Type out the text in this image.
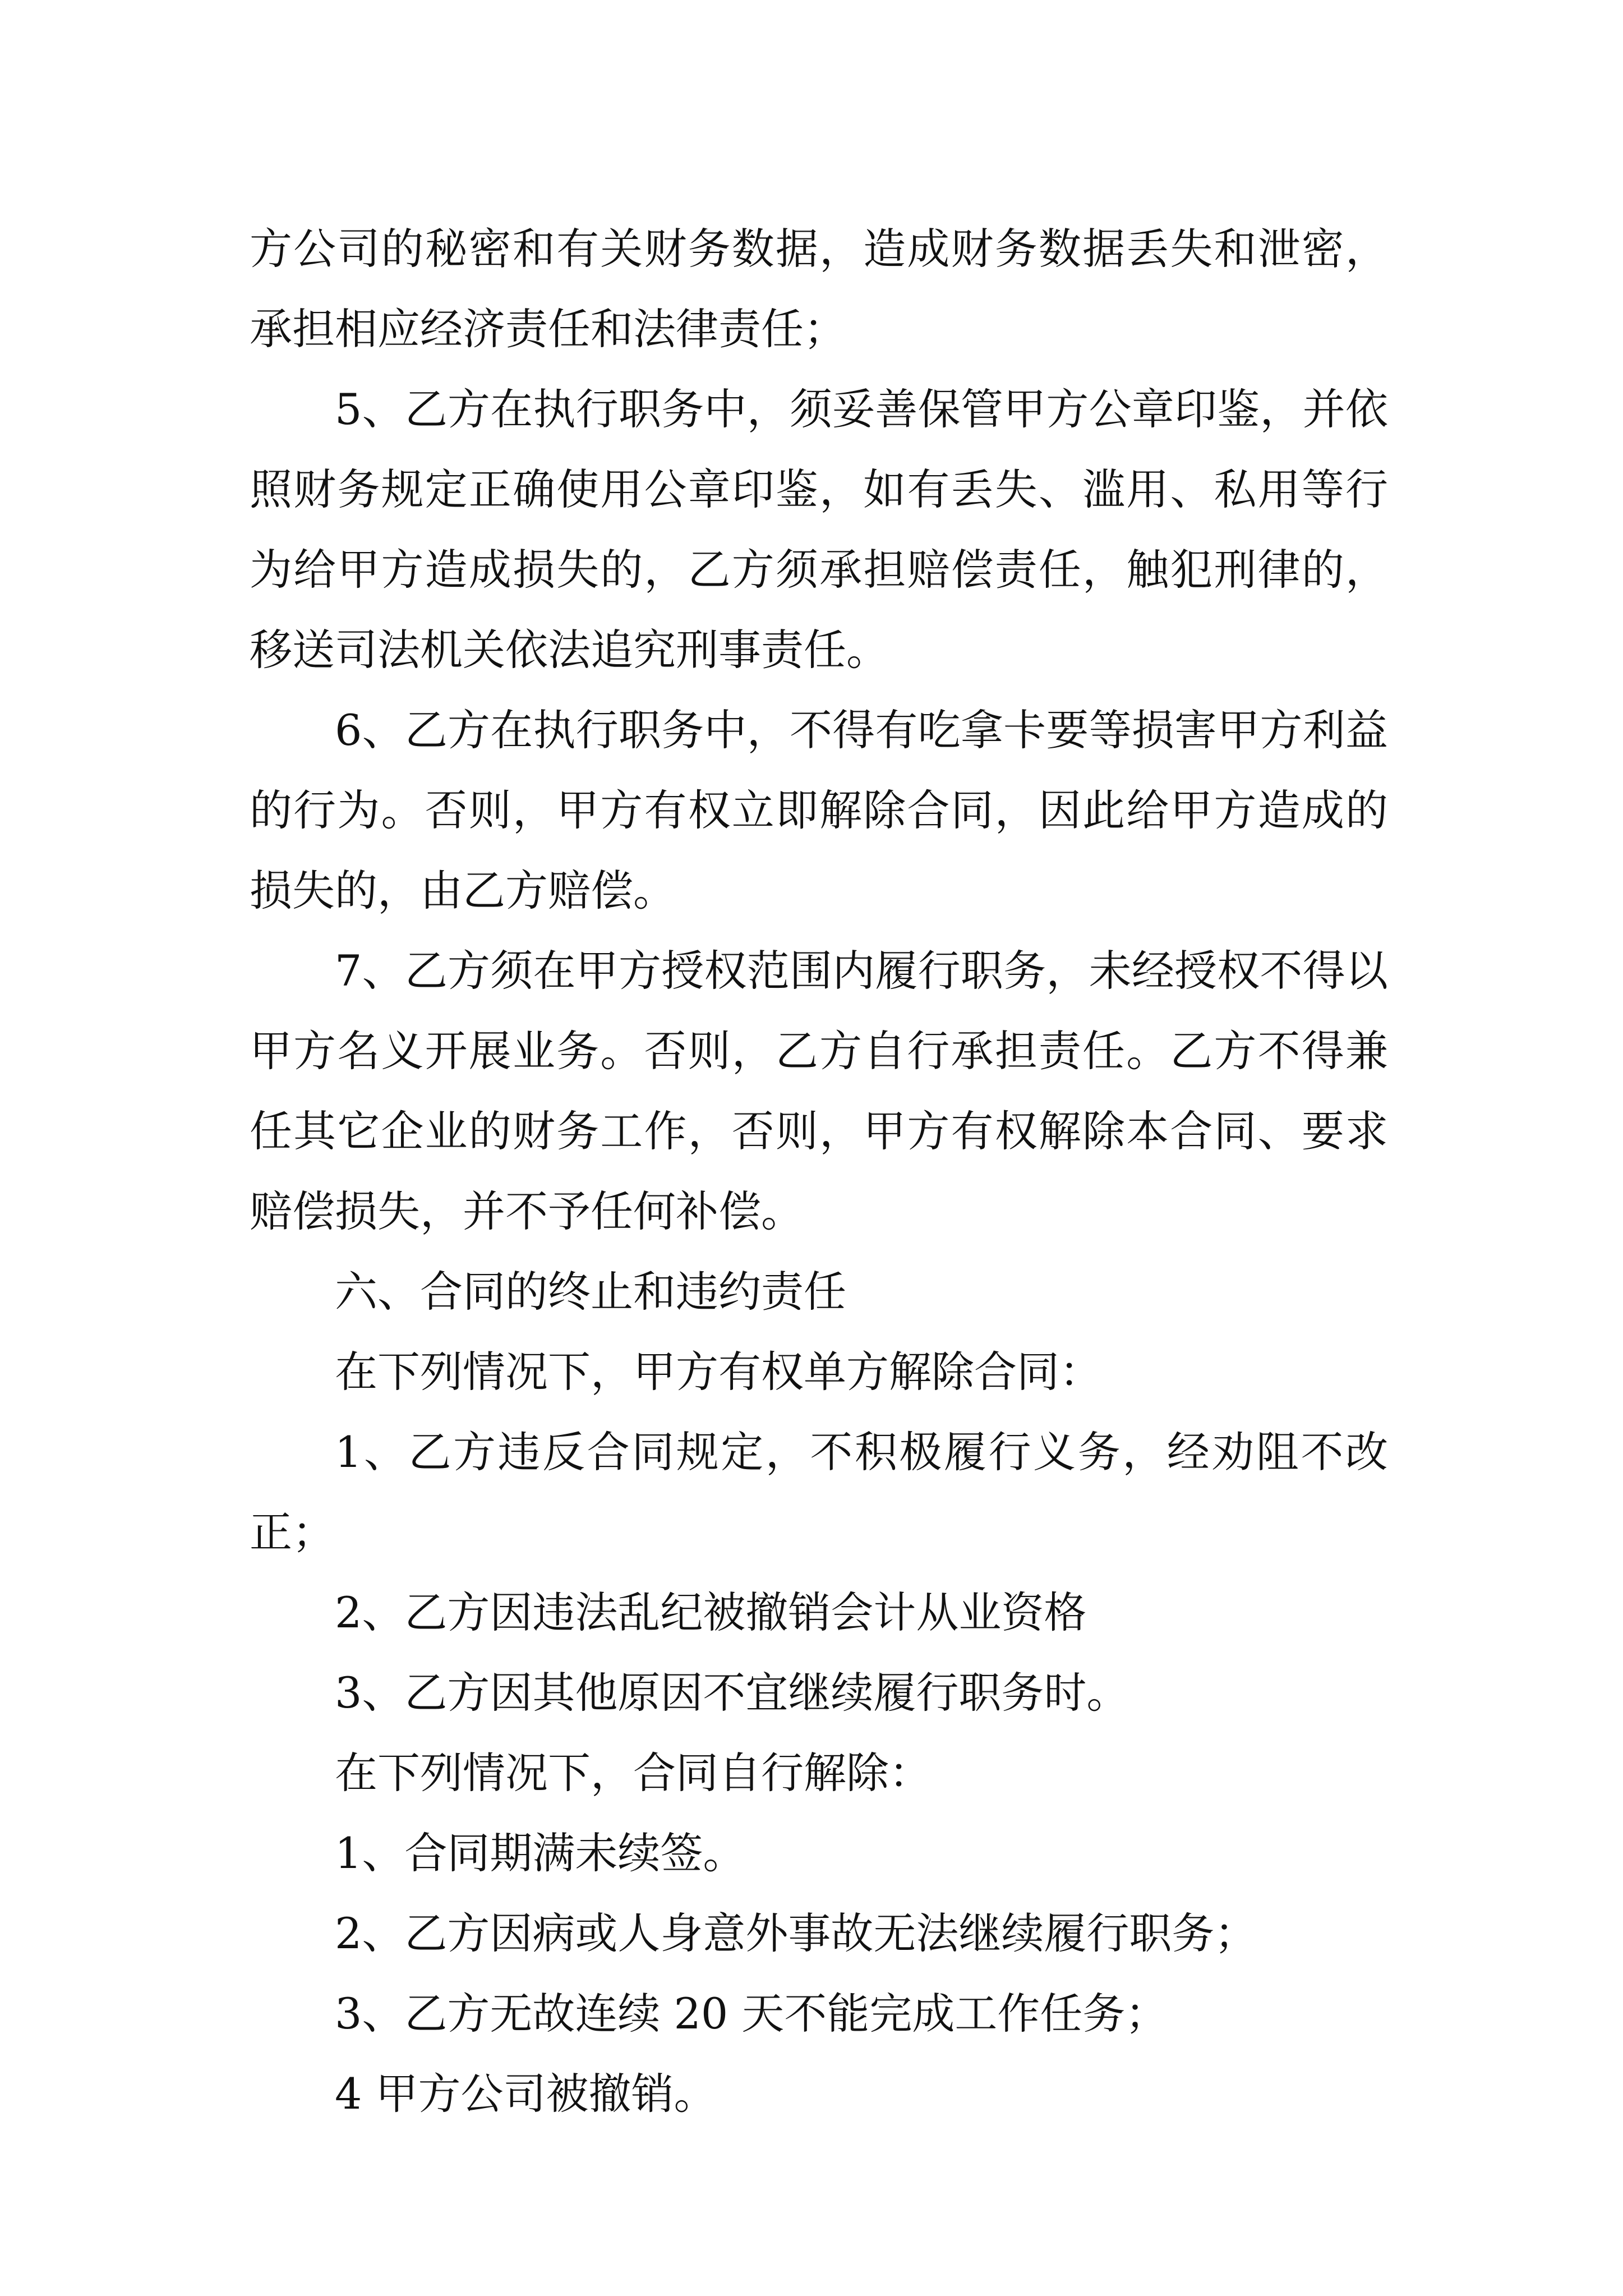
方公司的秘密和有关财务数据，造成财务数据丢失和泄密，承担相应经济责任和法律责任；

5、乙方在执行职务中，须妥善保管甲方公章印鉴，并依照财务规定正确使用公章印鉴，如有丢失、滥用、私用等行为给甲方造成损失的，乙方须承担赔偿责任，触犯刑律的，移送司法机关依法追究刑事责任。

6、乙方在执行职务中，不得有吃拿卡要等损害甲方利益的行为。否则，甲方有权立即解除合同，因此给甲方造成的损失的，由乙方赔偿。

7、乙方须在甲方授权范围内履行职务，未经授权不得以甲方名义开展业务。否则，乙方自行承担责任。乙方不得兼任其它企业的财务工作，否则，甲方有权解除本合同、要求赔偿损失，并不予任何补偿。

六、合同的终止和违约责任

在下列情况下，甲方有权单方解除合同：

1、乙方违反合同规定，不积极履行义务，经劝阻不改正；

2、乙方因违法乱纪被撤销会计从业资格

3、乙方因其他原因不宜继续履行职务时。

在下列情况下，合同自行解除：

1、合同期满未续签。

2、乙方因病或人身意外事故无法继续履行职务；

3、乙方无故连续 20 天不能完成工作任务；

4 甲方公司被撤销。
